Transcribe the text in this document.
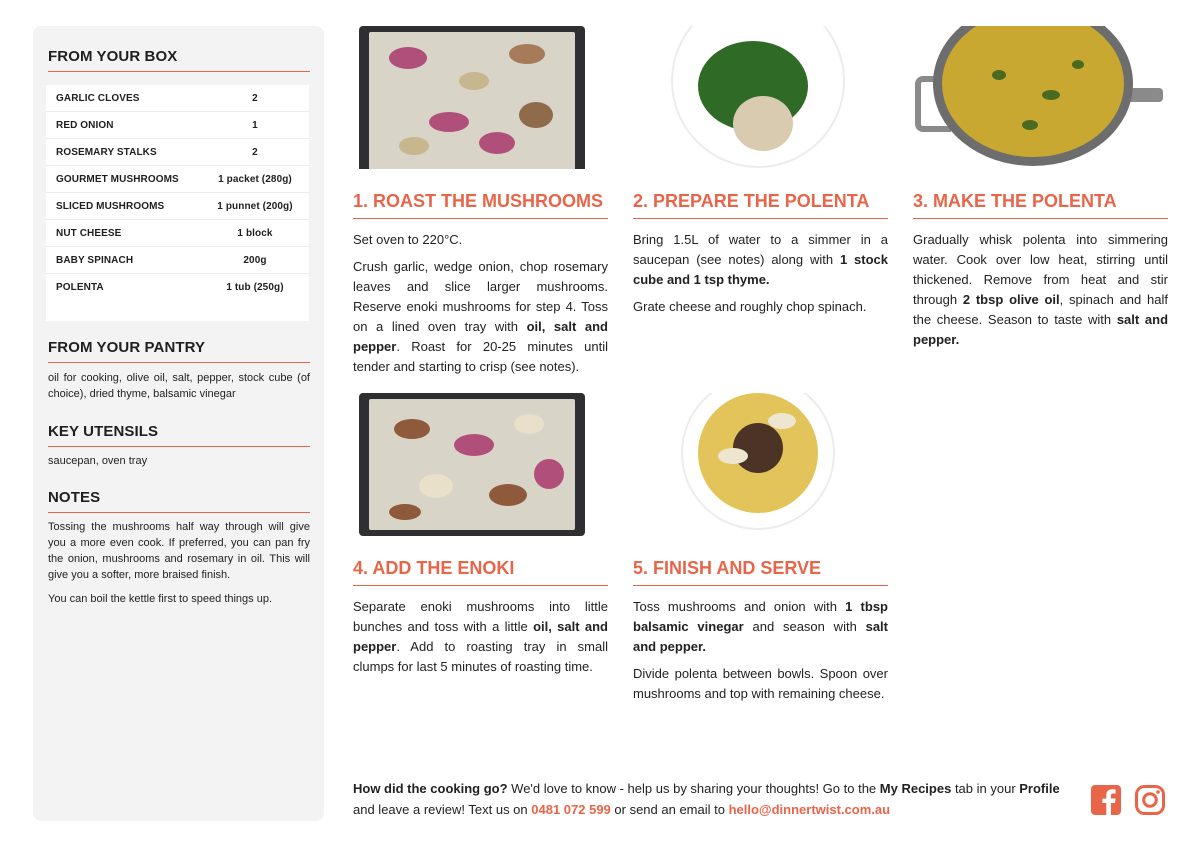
FROM YOUR BOX
GARLIC CLOVES	2
RED ONION	1
ROSEMARY STALKS	2
GOURMET MUSHROOMS	1 packet (280g)
SLICED MUSHROOMS	1 punnet (200g)
NUT CHEESE	1 block
BABY SPINACH	200g
POLENTA	1 tub (250g)
FROM YOUR PANTRY

oil for cooking, olive oil, salt, pepper, stock cube (of choice), dried thyme, balsamic vinegar

KEY UTENSILS

saucepan, oven tray

NOTES

Tossing the mushrooms half way through will give you a more even cook. If preferred, you can pan fry the onion, mushrooms and rosemary in oil. This will give you a softer, more braised finish.

You can boil the kettle first to speed things up.

1. ROAST THE MUSHROOMS

Set oven to 220°C.

Crush garlic, wedge onion, chop rosemary leaves and slice larger mushrooms. Reserve enoki mushrooms for step 4. Toss on a lined oven tray with oil, salt and pepper. Roast for 20-25 minutes until tender and starting to crisp (see notes).

2. PREPARE THE POLENTA

Bring 1.5L of water to a simmer in a saucepan (see notes) along with 1 stock cube and 1 tsp thyme.

Grate cheese and roughly chop spinach.

3. MAKE THE POLENTA

Gradually whisk polenta into simmering water. Cook over low heat, stirring until thickened. Remove from heat and stir through 2 tbsp olive oil, spinach and half the cheese. Season to taste with salt and pepper.

4. ADD THE ENOKI

Separate enoki mushrooms into little bunches and toss with a little oil, salt and pepper. Add to roasting tray in small clumps for last 5 minutes of roasting time.

5. FINISH AND SERVE

Toss mushrooms and onion with 1 tbsp balsamic vinegar and season with salt and pepper.

Divide polenta between bowls. Spoon over mushrooms and top with remaining cheese.

How did the cooking go? We'd love to know - help us by sharing your thoughts! Go to the My Recipes tab in your Profile and leave a review! Text us on 0481 072 599 or send an email to hello@dinnertwist.com.au
